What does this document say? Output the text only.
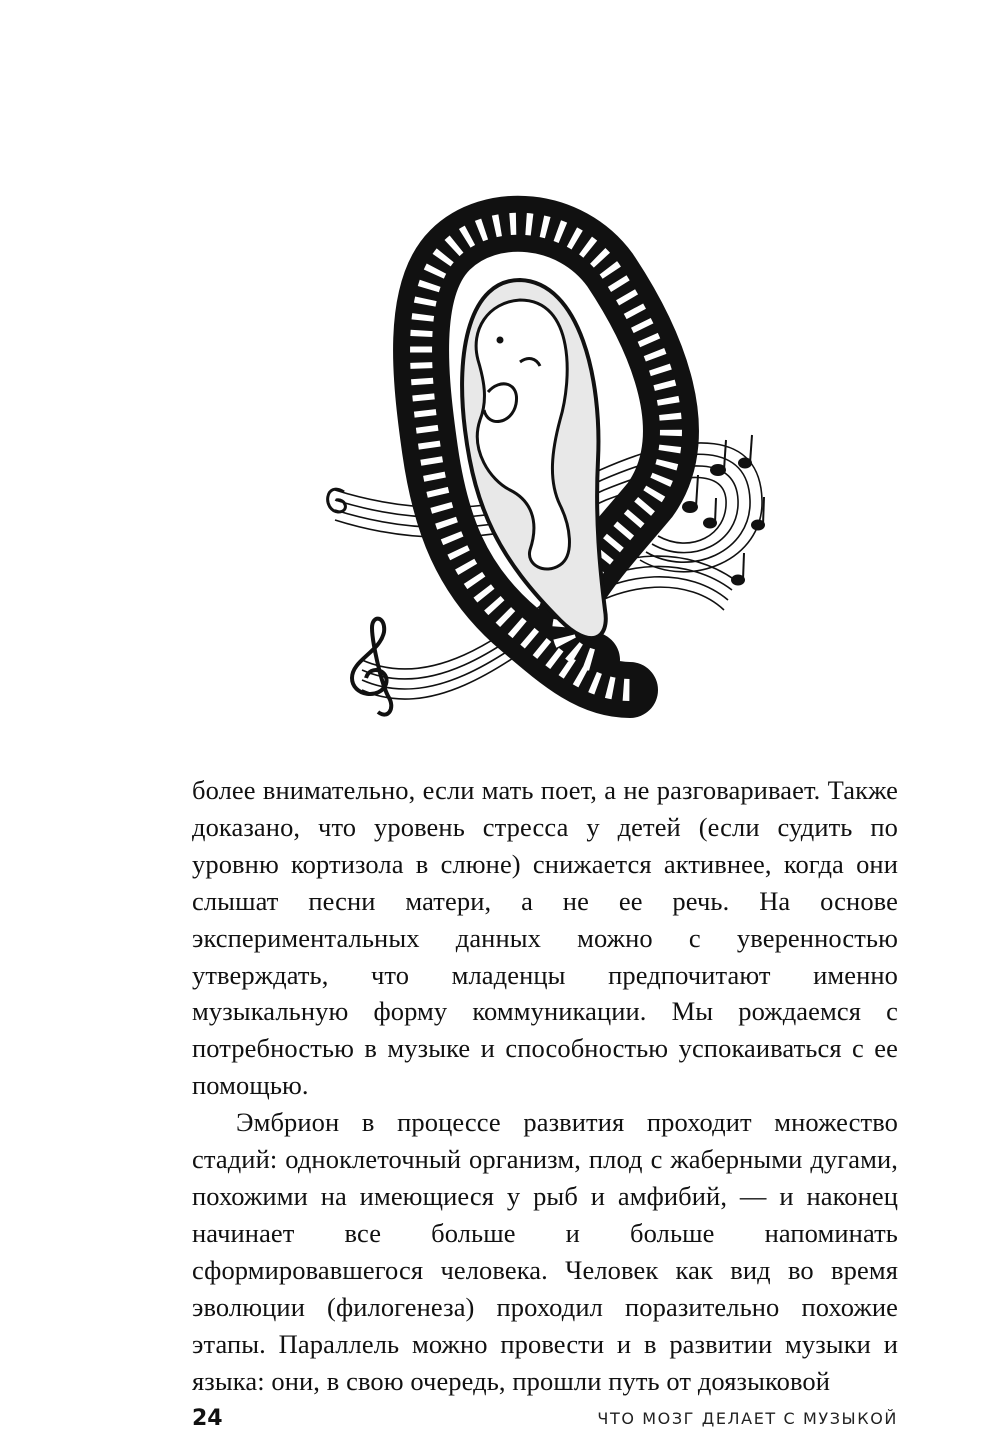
более внимательно, если мать поет, а не разговаривает. Также доказано, что уровень стресса у детей (если судить по уровню кортизола в слюне) снижается активнее, когда они слышат песни матери, а не ее речь. На основе экспериментальных данных можно с уверенностью утверждать, что младенцы предпочитают именно музыкальную форму коммуникации. Мы рождаемся с потребностью в музыке и способностью успокаиваться с ее помощью.

Эмбрион в процессе развития проходит множество стадий: одноклеточный организм, плод с жаберными дугами, похожими на имеющиеся у рыб и амфибий, — и наконец начинает все больше и больше напоминать сформировавшегося человека. Человек как вид во время эволюции (филогенеза) проходил поразительно похожие этапы. Параллель можно провести и в развитии музыки и языка: они, в свою очередь, прошли путь от доязыковой

24	ЧТО МОЗГ ДЕЛАЕТ С МУЗЫКОЙ
